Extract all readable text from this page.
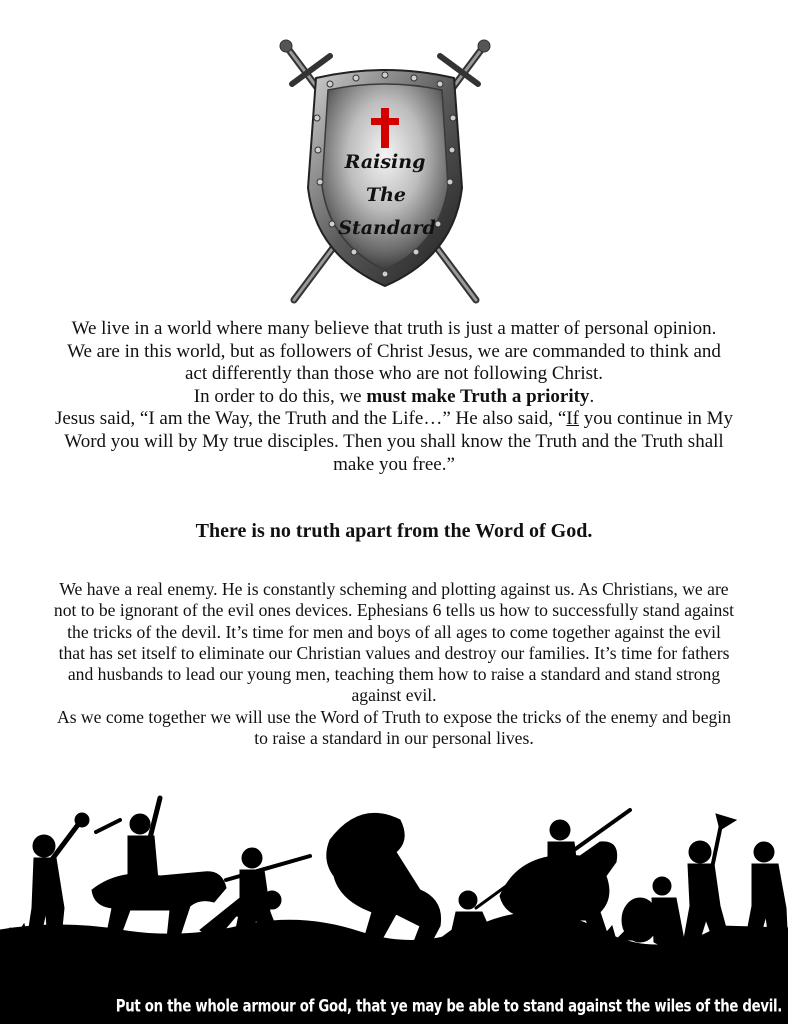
Raising
The
Standard

We live in a world where many believe that truth is just a matter of personal opinion.
We are in this world, but as followers of Christ Jesus, we are commanded to think and
act differently than those who are not following Christ.
In order to do this, we must make Truth a priority.
Jesus said, “I am the Way, the Truth and the Life…” He also said, “If you continue in My
Word you will by My true disciples. Then you shall know the Truth and the Truth shall
make you free.”

There is no truth apart from the Word of God.

We have a real enemy. He is constantly scheming and plotting against us. As Christians, we are
not to be ignorant of the evil ones devices. Ephesians 6 tells us how to successfully stand against
the tricks of the devil. It’s time for men and boys of all ages to come together against the evil
that has set itself to eliminate our Christian values and destroy our families. It’s time for fathers
and husbands to lead our young men, teaching them how to raise a standard and stand strong
against evil.
As we come together we will use the Word of Truth to expose the tricks of the enemy and begin
to raise a standard in our personal lives.

Put on the whole armour of God, that ye may be able to stand against the wiles of the devil.
